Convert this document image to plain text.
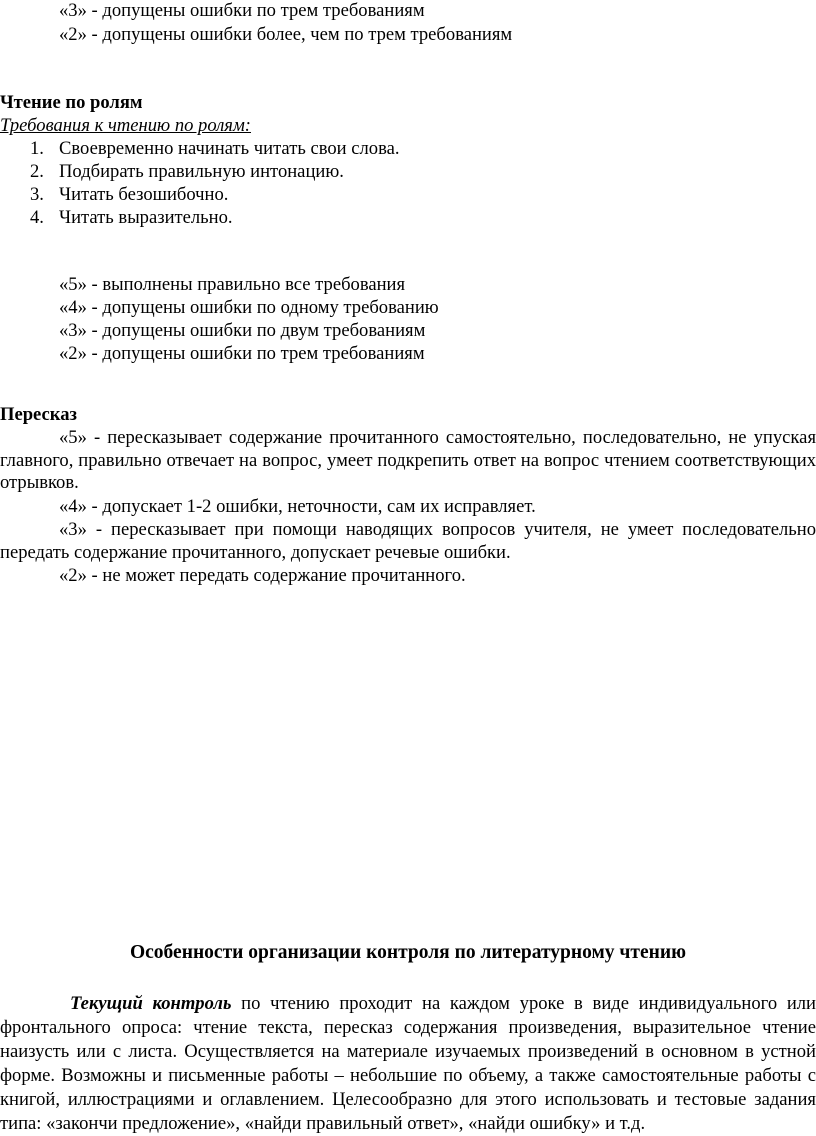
«3» - допущены ошибки по трем требованиям
«2» - допущены ошибки более, чем по трем требованиям
Чтение по ролям
Требования к чтению по ролям:
1. Своевременно начинать читать свои слова.
2. Подбирать правильную интонацию.
3. Читать безошибочно.
4. Читать выразительно.
«5» - выполнены правильно все требования
«4» - допущены ошибки по одному требованию
«3» - допущены ошибки по двум требованиям
«2» - допущены ошибки по трем требованиям
Пересказ

«5» - пересказывает содержание прочитанного самостоятельно, последовательно, не упуская главного, правильно отвечает на вопрос, умеет подкрепить ответ на вопрос чтением соответствующих отрывков.

«4» - допускает 1-2 ошибки, неточности, сам их исправляет.

«3» - пересказывает при помощи наводящих вопросов учителя, не умеет последовательно передать содержание прочитанного, допускает речевые ошибки.

«2» - не может передать содержание прочитанного.

Особенности организации контроля по литературному чтению

Текущий контроль по чтению проходит на каждом уроке в виде индивидуального или фронтального опроса: чтение текста, пересказ содержания произведения, выразительное чтение наизусть или с листа. Осуществляется на материале изучаемых произведений в основном в устной форме. Возможны и письменные работы – небольшие по объему, а также самостоятельные работы с книгой, иллюстрациями и оглавлением. Целесообразно для этого использовать и тестовые задания типа: «закончи предложение», «найди правильный ответ», «найди ошибку» и т.д.
